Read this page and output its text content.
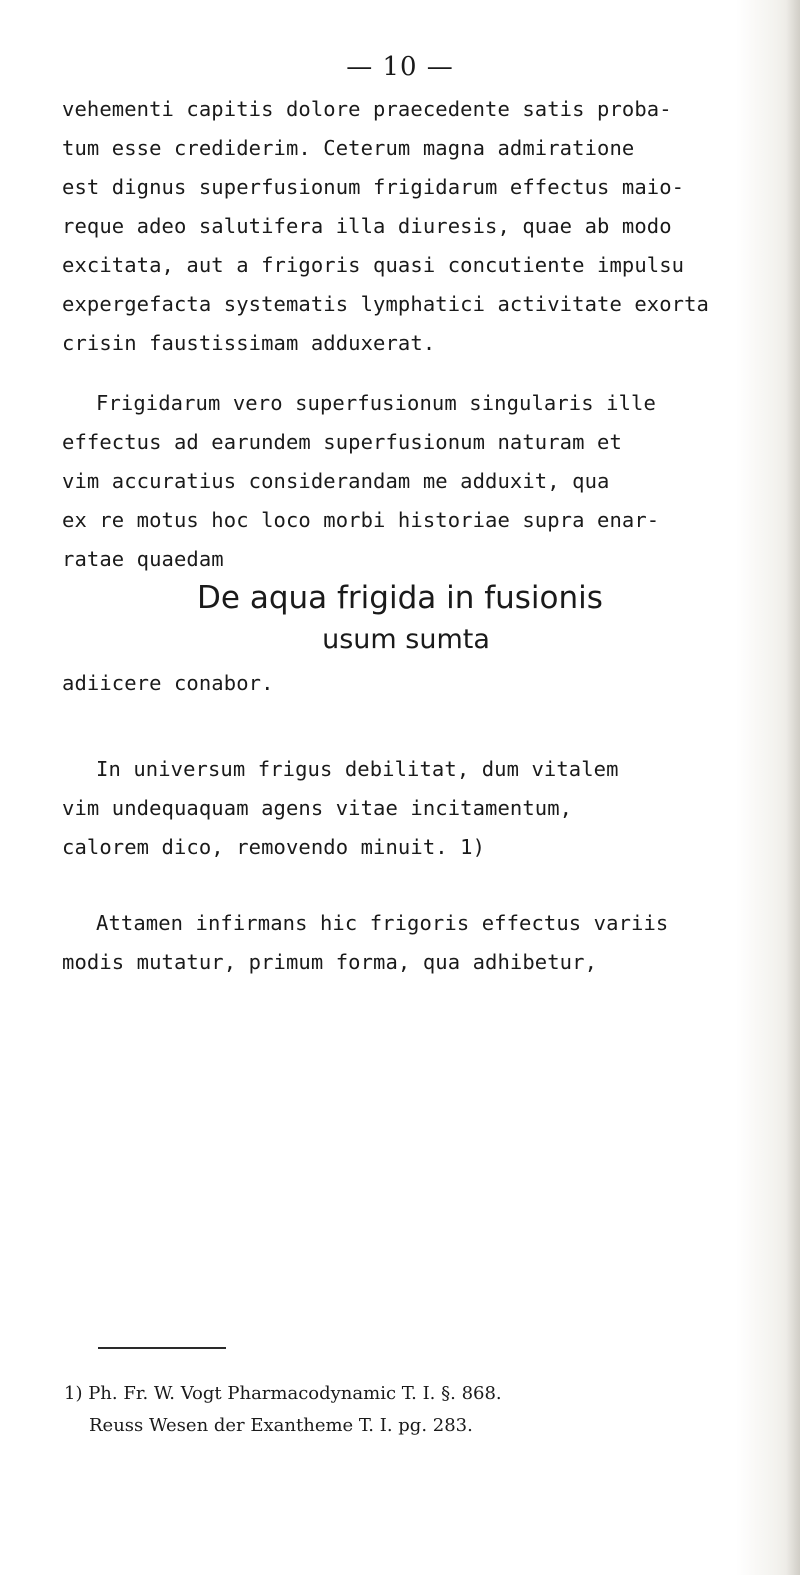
— 10 —

vehementi capitis dolore praecedente satis proba-
tum esse crediderim. Ceterum magna admiratione
est dignus superfusionum frigidarum effectus maio-
reque adeo salutifera illa diuresis, quae ab modo
excitata, aut a frigoris quasi concutiente impulsu
expergefacta systematis lymphatici activitate exorta
crisin faustissimam adduxerat.

Frigidarum vero superfusionum singularis ille
effectus ad earundem superfusionum naturam et
vim accuratius considerandam me adduxit, qua
ex re motus hoc loco morbi historiae supra enar-
ratae quaedam

De aqua frigida in fusionis
usum sumta

adiicere conabor.

In universum frigus debilitat, dum vitalem
vim undequaquam agens vitae incitamentum,
calorem dico, removendo minuit. 1)

Attamen infirmans hic frigoris effectus variis
modis mutatur, primum forma, qua adhibetur,

1) Ph. Fr. W. Vogt Pharmacodynamic T. I. §. 868.
Reuss Wesen der Exantheme T. I. pg. 283.
